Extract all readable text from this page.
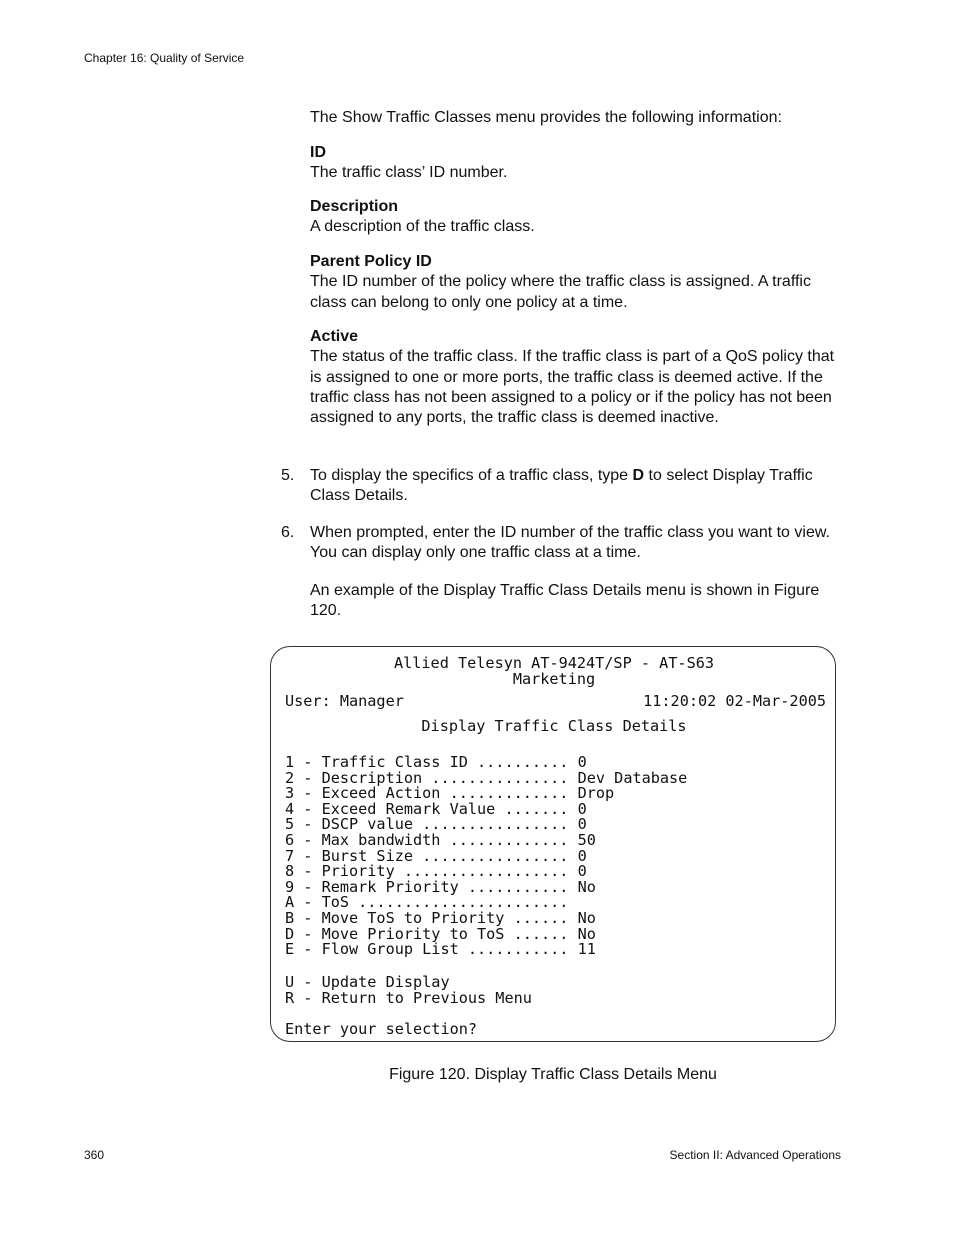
Chapter 16: Quality of Service
The Show Traffic Classes menu provides the following information:
ID
The traffic class’ ID number.
Description
A description of the traffic class.
Parent Policy ID
The ID number of the policy where the traffic class is assigned. A traffic class can belong to only one policy at a time.
Active
The status of the traffic class. If the traffic class is part of a QoS policy that is assigned to one or more ports, the traffic class is deemed active. If the traffic class has not been assigned to a policy or if the policy has not been assigned to any ports, the traffic class is deemed inactive.
5. To display the specifics of a traffic class, type D to select Display Traffic Class Details.
6. When prompted, enter the ID number of the traffic class you want to view. You can display only one traffic class at a time.
An example of the Display Traffic Class Details menu is shown in Figure 120.
Allied Telesyn AT-9424T/SP - AT-S63
Marketing
User: Manager	11:20:02 02-Mar-2005
Display Traffic Class Details
1 - Traffic Class ID .......... 0
2 - Description ............... Dev Database
3 - Exceed Action ............. Drop
4 - Exceed Remark Value ....... 0
5 - DSCP value ................ 0
6 - Max bandwidth ............. 50
7 - Burst Size ................ 0
8 - Priority .................. 0
9 - Remark Priority ........... No
A - ToS .......................
B - Move ToS to Priority ...... No
D - Move Priority to ToS ...... No
E - Flow Group List ........... 11
U - Update Display
R - Return to Previous Menu
Enter your selection?
Figure 120. Display Traffic Class Details Menu
360	Section II: Advanced Operations
